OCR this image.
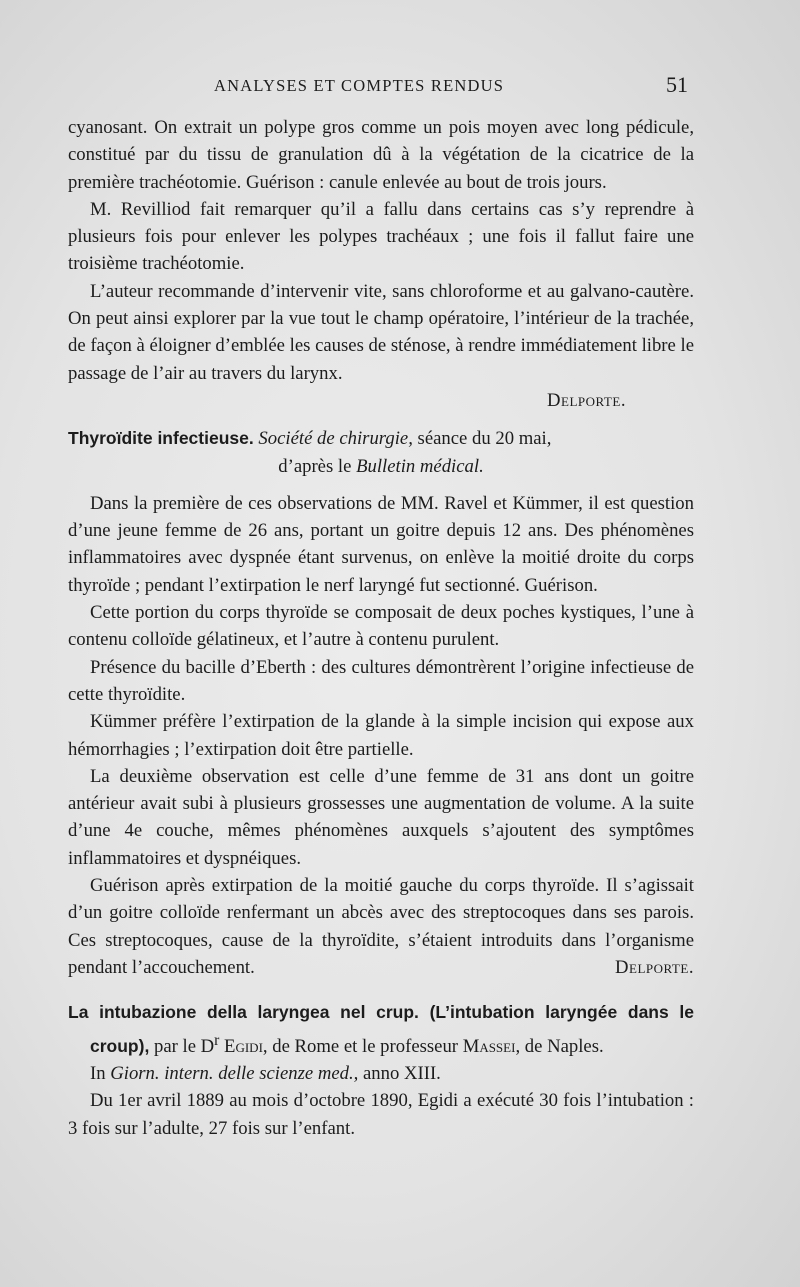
ANALYSES ET COMPTES RENDUS	51

cyanosant. On extrait un polype gros comme un pois moyen avec long pédicule, constitué par du tissu de granulation dû à la végétation de la cicatrice de la première trachéotomie. Guérison : canule enlevée au bout de trois jours.

M. Revilliod fait remarquer qu’il a fallu dans certains cas s’y reprendre à plusieurs fois pour enlever les polypes trachéaux ; une fois il fallut faire une troisième trachéotomie.

L’auteur recommande d’intervenir vite, sans chloroforme et au galvano-cautère. On peut ainsi explorer par la vue tout le champ opératoire, l’intérieur de la trachée, de façon à éloigner d’emblée les causes de sténose, à rendre immédiatement libre le passage de l’air au travers du larynx.

Delporte.

Thyroïdite infectieuse. Société de chirurgie, séance du 20 mai,

d’après le Bulletin médical.

Dans la première de ces observations de MM. Ravel et Kümmer, il est question d’une jeune femme de 26 ans, portant un goitre depuis 12 ans. Des phénomènes inflammatoires avec dyspnée étant survenus, on enlève la moitié droite du corps thyroïde ; pendant l’extirpation le nerf laryngé fut sectionné. Guérison.

Cette portion du corps thyroïde se composait de deux poches kystiques, l’une à contenu colloïde gélatineux, et l’autre à contenu purulent.

Présence du bacille d’Eberth : des cultures démontrèrent l’origine infectieuse de cette thyroïdite.

Kümmer préfère l’extirpation de la glande à la simple incision qui expose aux hémorrhagies ; l’extirpation doit être partielle.

La deuxième observation est celle d’une femme de 31 ans dont un goitre antérieur avait subi à plusieurs grossesses une augmentation de volume. A la suite d’une 4e couche, mêmes phénomènes auxquels s’ajoutent des symptômes inflammatoires et dyspnéiques.

Guérison après extirpation de la moitié gauche du corps thyroïde. Il s’agissait d’un goitre colloïde renfermant un abcès avec des streptocoques dans ses parois. Ces streptocoques, cause de la thyroïdite, s’étaient introduits dans l’organisme pendant l’accouchement.	Delporte.

La intubazione della laryngea nel crup. (L’intubation laryngée dans le croup), par le $D^r$ Egidi, de Rome et le professeur Massei, de Naples.

In Giorn. intern. delle scienze med., anno XIII.

Du 1er avril 1889 au mois d’octobre 1890, Egidi a exécuté 30 fois l’intubation : 3 fois sur l’adulte, 27 fois sur l’enfant.
